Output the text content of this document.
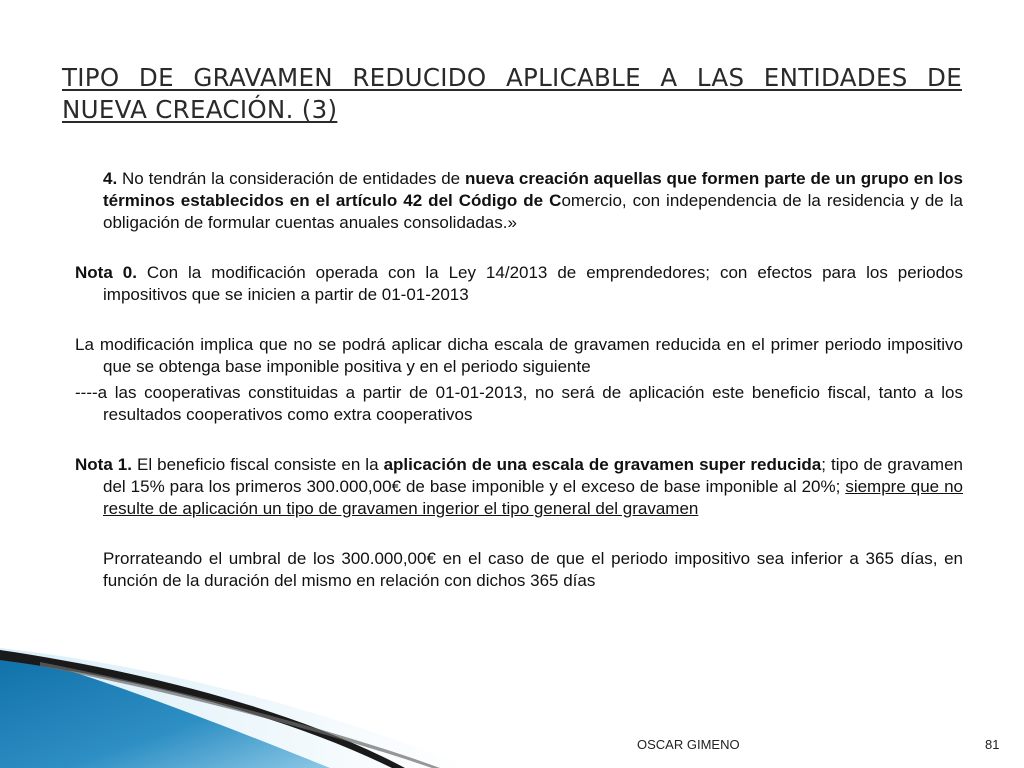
TIPO DE GRAVAMEN REDUCIDO APLICABLE A LAS ENTIDADES DE NUEVA CREACIÓN. (3)

4. No tendrán la consideración de entidades de nueva creación aquellas que formen parte de un grupo en los términos establecidos en el artículo 42 del Código de Comercio, con independencia de la residencia y de la obligación de formular cuentas anuales consolidadas.»

Nota 0. Con la modificación operada con la Ley 14/2013 de emprendedores; con efectos para los periodos impositivos que se inicien a partir de 01-01-2013

La modificación implica que no se podrá aplicar dicha escala de gravamen reducida en el primer periodo impositivo que se obtenga base imponible positiva y en el periodo siguiente

----a las cooperativas constituidas a partir de 01-01-2013, no será de aplicación este beneficio fiscal, tanto a los resultados cooperativos como extra cooperativos

Nota 1. El beneficio fiscal consiste en la aplicación de una escala de gravamen super reducida; tipo de gravamen del 15% para los primeros 300.000,00€ de base imponible y el exceso de base imponible al 20%; siempre que no resulte de aplicación un tipo de gravamen ingerior el tipo general del gravamen

Prorrateando el umbral de los 300.000,00€ en el caso de que el periodo impositivo sea inferior a 365 días, en función de la duración del mismo en relación con dichos 365 días

OSCAR GIMENO	81
